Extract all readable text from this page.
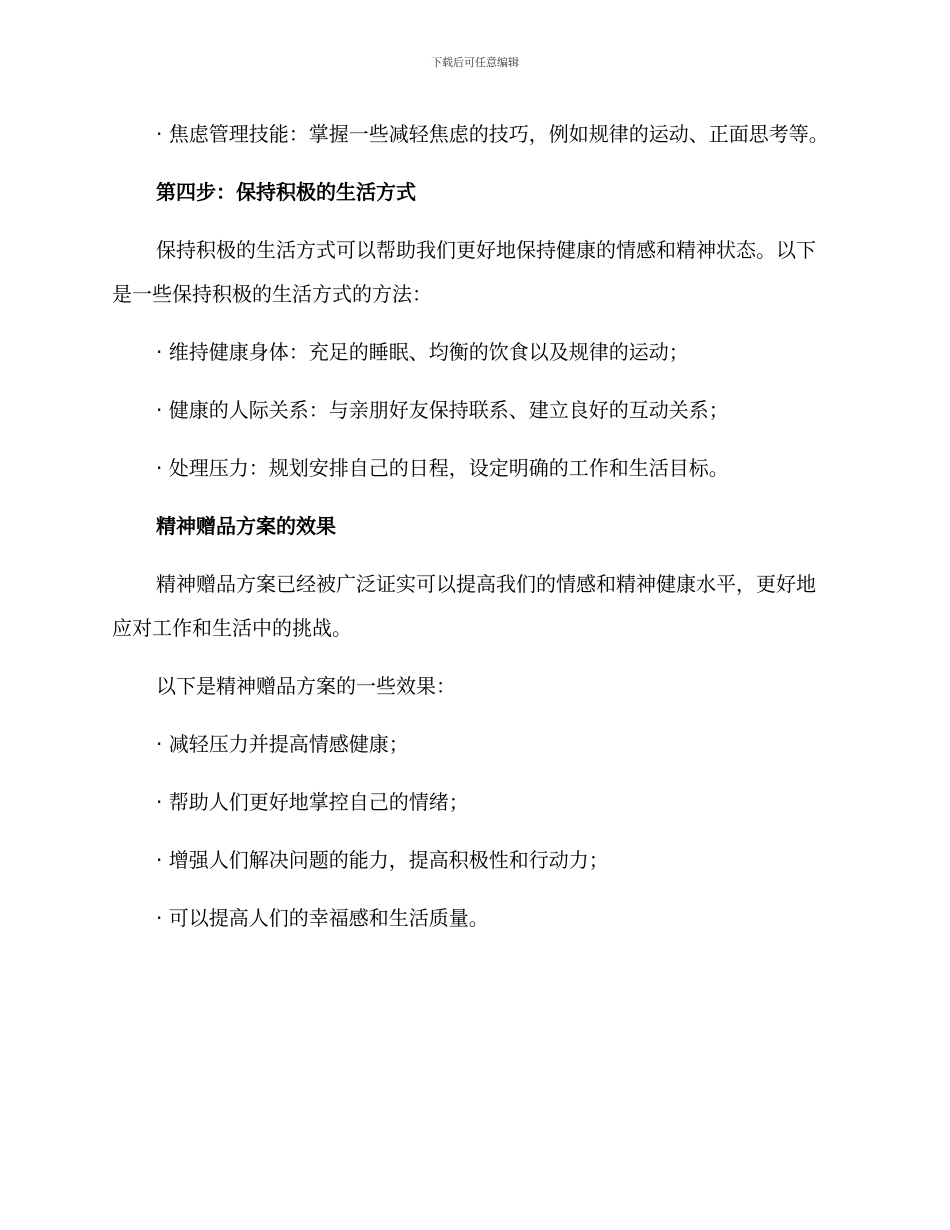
下载后可任意编辑

· 焦虑管理技能：掌握一些减轻焦虑的技巧，例如规律的运动、正面思考等。

第四步：保持积极的生活方式

保持积极的生活方式可以帮助我们更好地保持健康的情感和精神状态。以下是一些保持积极的生活方式的方法：

· 维持健康身体：充足的睡眠、均衡的饮食以及规律的运动；

· 健康的人际关系：与亲朋好友保持联系、建立良好的互动关系；

· 处理压力：规划安排自己的日程，设定明确的工作和生活目标。

精神赠品方案的效果

精神赠品方案已经被广泛证实可以提高我们的情感和精神健康水平，更好地应对工作和生活中的挑战。

以下是精神赠品方案的一些效果：

· 减轻压力并提高情感健康；

· 帮助人们更好地掌控自己的情绪；

· 增强人们解决问题的能力，提高积极性和行动力；

· 可以提高人们的幸福感和生活质量。
